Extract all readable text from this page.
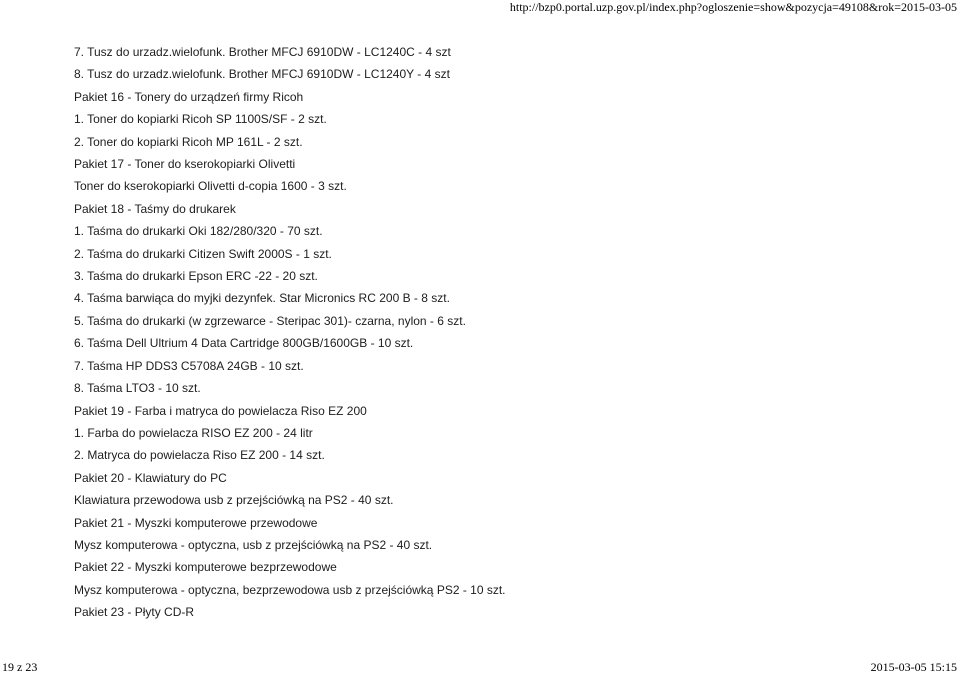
http://bzp0.portal.uzp.gov.pl/index.php?ogloszenie=show&pozycja=49108&rok=2015-03-05
7. Tusz do urzadz.wielofunk. Brother MFCJ 6910DW - LC1240C - 4 szt
8. Tusz do urzadz.wielofunk. Brother MFCJ 6910DW - LC1240Y - 4 szt
Pakiet 16 - Tonery do urządzeń firmy Ricoh
1. Toner do kopiarki Ricoh SP 1100S/SF - 2 szt.
2. Toner do kopiarki Ricoh MP 161L - 2 szt.
Pakiet 17 - Toner do kserokopiarki Olivetti
Toner do kserokopiarki Olivetti d-copia 1600 - 3 szt.
Pakiet 18 - Taśmy do drukarek
1. Taśma do drukarki Oki 182/280/320 - 70 szt.
2. Taśma do drukarki Citizen Swift 2000S - 1 szt.
3. Taśma do drukarki Epson ERC -22 - 20 szt.
4. Taśma barwiąca do myjki dezynfek. Star Micronics RC 200 B - 8 szt.
5. Taśma do drukarki (w zgrzewarce - Steripac 301)- czarna, nylon - 6 szt.
6. Taśma Dell Ultrium 4 Data Cartridge 800GB/1600GB - 10 szt.
7. Taśma HP DDS3 C5708A 24GB - 10 szt.
8. Taśma LTO3 - 10 szt.
Pakiet 19 - Farba i matryca do powielacza Riso EZ 200
1. Farba do powielacza RISO EZ 200 - 24 litr
2. Matryca do powielacza Riso EZ 200 - 14 szt.
Pakiet 20 - Klawiatury do PC
Klawiatura przewodowa usb z przejściówką na PS2 - 40 szt.
Pakiet 21 - Myszki komputerowe przewodowe
Mysz komputerowa - optyczna, usb z przejściówką na PS2 - 40 szt.
Pakiet 22 - Myszki komputerowe bezprzewodowe
Mysz komputerowa - optyczna, bezprzewodowa usb z przejściówką PS2 - 10 szt.
Pakiet 23 - Płyty CD-R
19 z 23	2015-03-05 15:15
